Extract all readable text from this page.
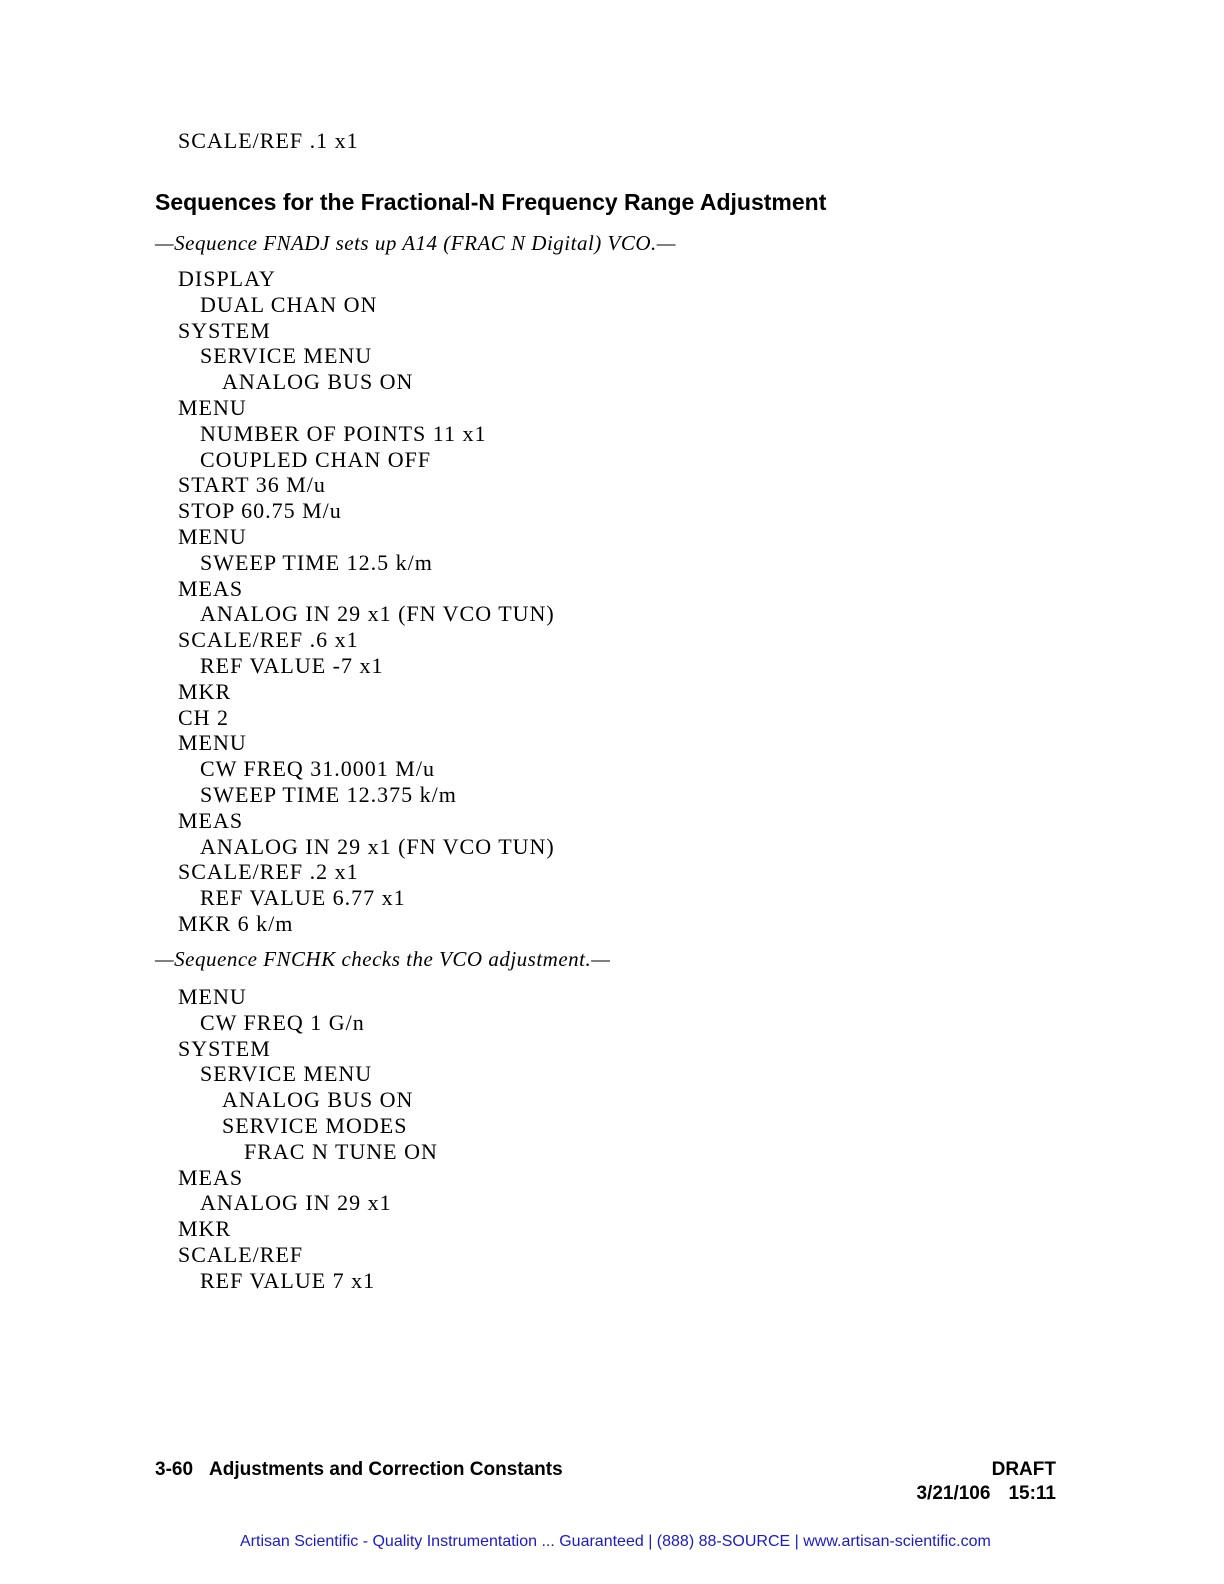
SCALE/REF .1 x1
Sequences for the Fractional-N Frequency Range Adjustment
—Sequence FNADJ sets up A14 (FRAC N Digital) VCO.—
DISPLAY
DUAL CHAN ON
SYSTEM
SERVICE MENU
ANALOG BUS ON
MENU
NUMBER OF POINTS 11 x1
COUPLED CHAN OFF
START 36 M/u
STOP 60.75 M/u
MENU
SWEEP TIME 12.5 k/m
MEAS
ANALOG IN 29 x1 (FN VCO TUN)
SCALE/REF .6 x1
REF VALUE -7 x1
MKR
CH 2
MENU
CW FREQ 31.0001 M/u
SWEEP TIME 12.375 k/m
MEAS
ANALOG IN 29 x1 (FN VCO TUN)
SCALE/REF .2 x1
REF VALUE 6.77 x1
MKR 6 k/m
—Sequence FNCHK checks the VCO adjustment.—
MENU
CW FREQ 1 G/n
SYSTEM
SERVICE MENU
ANALOG BUS ON
SERVICE MODES
FRAC N TUNE ON
MEAS
ANALOG IN 29 x1
MKR
SCALE/REF
REF VALUE 7 x1
3-60 Adjustments and Correction Constants	DRAFT
3/21/106 15:11
Artisan Scientific - Quality Instrumentation ... Guaranteed | (888) 88-SOURCE | www.artisan-scientific.com
